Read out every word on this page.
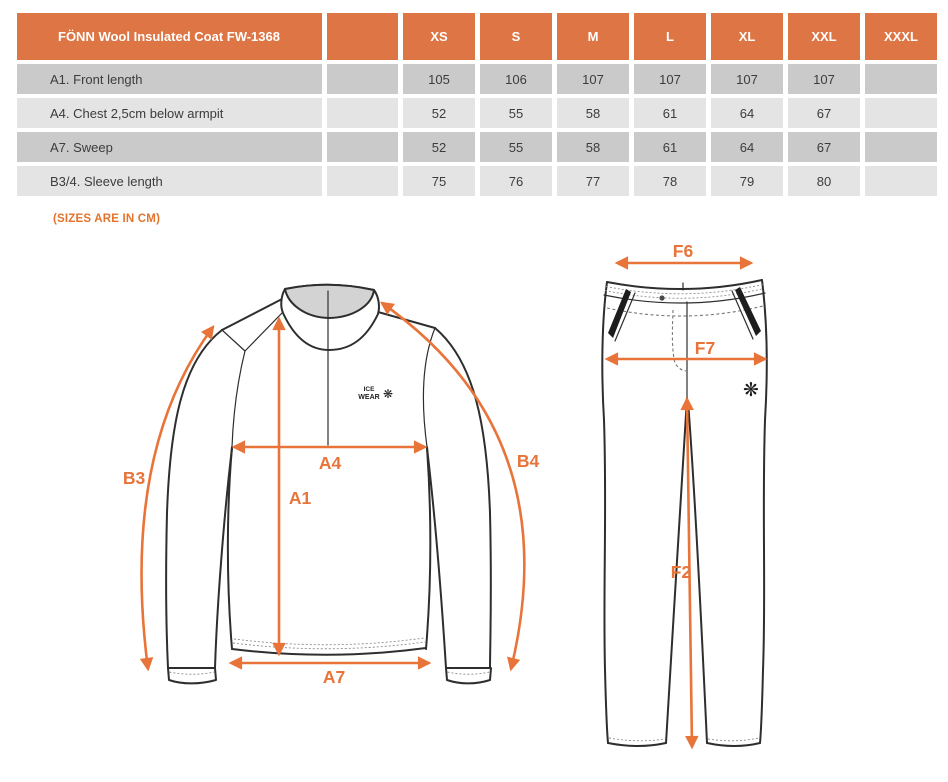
FÖNN Wool Insulated Coat FW-1368	XS	S	M	L	XL	XXL	XXXL
A1. Front length	105	106	107	107	107	107
A4. Chest 2,5cm below armpit	52	55	58	61	64	67
A7. Sweep	52	55	58	61	64	67
B3/4. Sleeve length	75	76	77	78	79	80
(SIZES ARE IN CM)
ICE
WEAR ❋
B3
A4
A1
A7
B4
❋
F6
F7
F2
